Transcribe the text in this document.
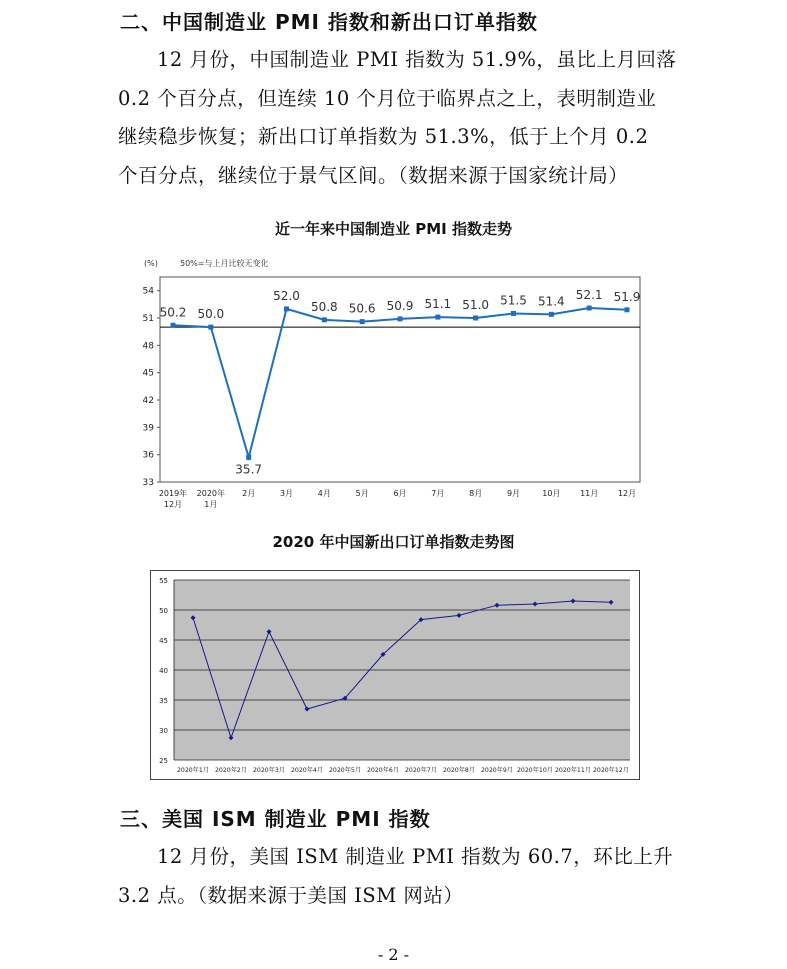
二、中国制造业 PMI 指数和新出口订单指数

12 月份，中国制造业 PMI 指数为 51.9%，虽比上月回落
0.2 个百分点，但连续 10 个月位于临界点之上，表明制造业
继续稳步恢复；新出口订单指数为 51.3%，低于上个月 0.2
个百分点，继续位于景气区间。（数据来源于国家统计局）

近一年来中国制造业 PMI 指数走势
(%)	50%=与上月比较无变化
33
36
39
42
45
48
51
54
50.2 50.0
35.7
52.0
50.8 50.6 50.9 51.1 51.0 51.5 51.4 52.1 51.9
2019年
12月
2020年
1月
2月	3月	4月	5月	6月	7月	8月	9月	10月 11月 12月
2020 年中国新出口订单指数走势图
25
30
35
40
45
50
55
2020年1月 2020年2月 2020年3月 2020年4月 2020年5月 2020年6月 2020年7月 2020年8月 2020年9月 2020年10月 2020年11月 2020年12月
三、美国 ISM 制造业 PMI 指数

12 月份，美国 ISM 制造业 PMI 指数为 60.7，环比上升
3.2 点。（数据来源于美国 ISM 网站）

- 2 -
